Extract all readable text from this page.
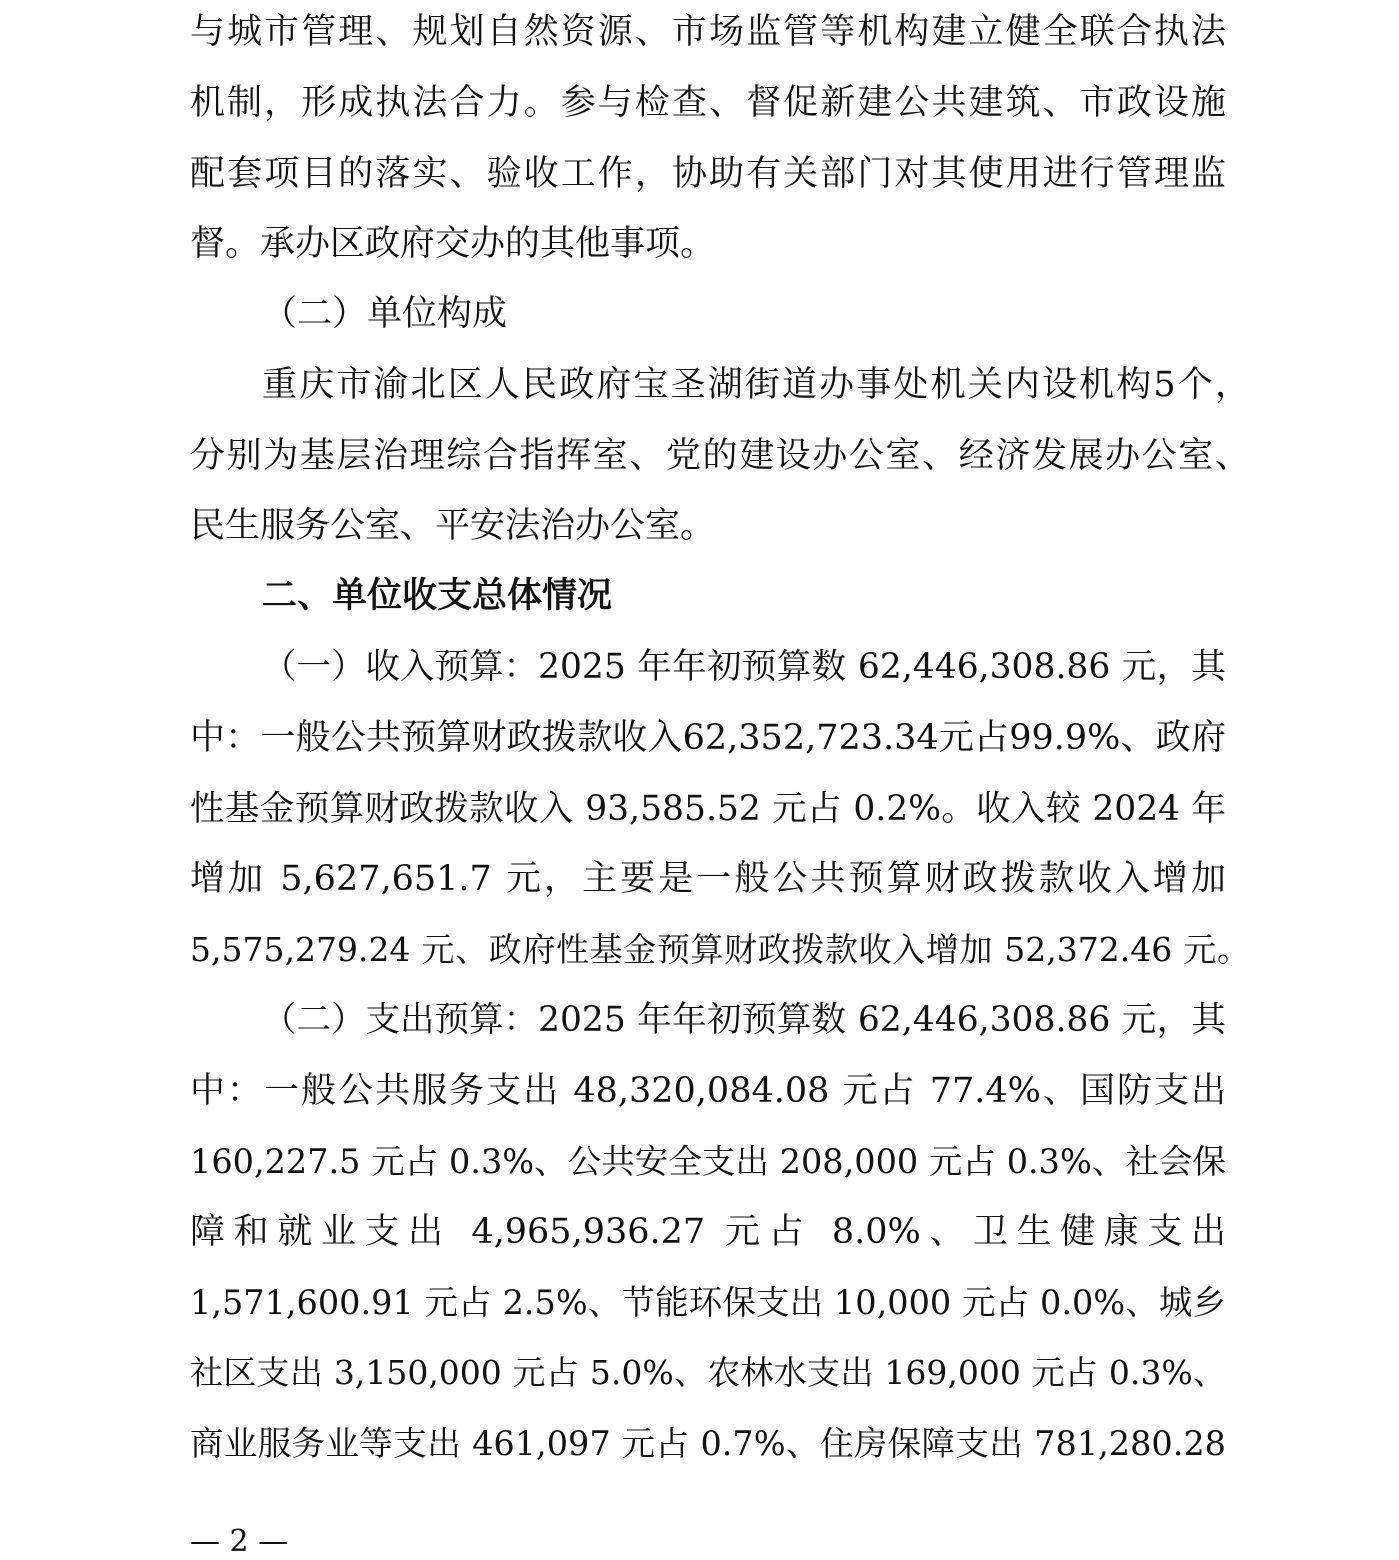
与城市管理、规划自然资源、市场监管等机构建立健全联合执法
机制，形成执法合力。参与检查、督促新建公共建筑、市政设施
配套项目的落实、验收工作，协助有关部门对其使用进行管理监
督。承办区政府交办的其他事项。
（二）单位构成
重庆市渝北区人民政府宝圣湖街道办事处机关内设机构5个，
分别为基层治理综合指挥室、党的建设办公室、经济发展办公室、
民生服务公室、平安法治办公室。
二、单位收支总体情况
（一）收入预算： 2025 年年初预算数 62,446,308.86 元，其
中：一般公共预算财政拨款收入62,352,723.34元占99.9%、政府
性基金预算财政拨款收入 93,585.52 元占 0.2%。收入较 2024 年
增加 5,627,651.7 元，主要是一般公共预算财政拨款收入增加
5,575,279.24 元、政府性基金预算财政拨款收入增加 52,372.46 元。
（二）支出预算： 2025 年年初预算数 62,446,308.86 元，其
中：一般公共服务支出 48,320,084.08 元占 77.4%、国防支出
160,227.5 元占 0.3%、公共安全支出 208,000 元占 0.3%、社会保
障和就业支出 4,965,936.27 元占 8.0%、卫生健康支出
1,571,600.91 元占 2.5%、节能环保支出 10,000 元占 0.0%、城乡
社区支出 3,150,000 元占 5.0%、农林水支出 169,000 元占 0.3%、
商业服务业等支出 461,097 元占 0.7%、住房保障支出 781,280.28
— 2 —
